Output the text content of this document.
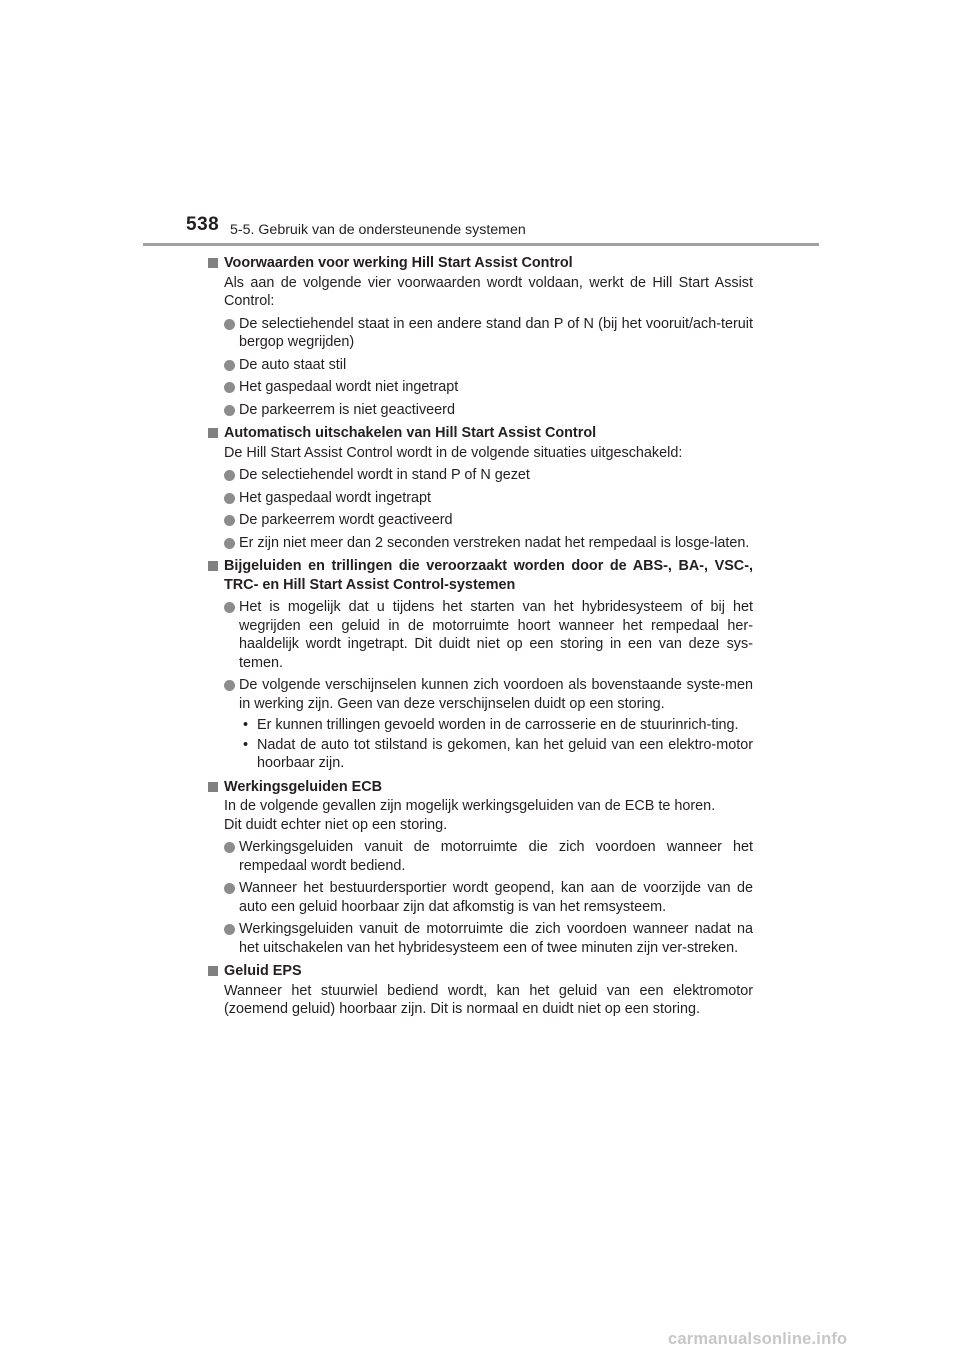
538 5-5. Gebruik van de ondersteunende systemen
Voorwaarden voor werking Hill Start Assist Control
Als aan de volgende vier voorwaarden wordt voldaan, werkt de Hill Start Assist Control:
De selectiehendel staat in een andere stand dan P of N (bij het vooruit/ach-teruit bergop wegrijden)
De auto staat stil
Het gaspedaal wordt niet ingetrapt
De parkeerrem is niet geactiveerd
Automatisch uitschakelen van Hill Start Assist Control
De Hill Start Assist Control wordt in de volgende situaties uitgeschakeld:
De selectiehendel wordt in stand P of N gezet
Het gaspedaal wordt ingetrapt
De parkeerrem wordt geactiveerd
Er zijn niet meer dan 2 seconden verstreken nadat het rempedaal is losge-laten.
Bijgeluiden en trillingen die veroorzaakt worden door de ABS-, BA-, VSC-, TRC- en Hill Start Assist Control-systemen
Het is mogelijk dat u tijdens het starten van het hybridesysteem of bij het wegrijden een geluid in de motorruimte hoort wanneer het rempedaal her-haaldelijk wordt ingetrapt. Dit duidt niet op een storing in een van deze sys-temen.
De volgende verschijnselen kunnen zich voordoen als bovenstaande syste-men in werking zijn. Geen van deze verschijnselen duidt op een storing.
• Er kunnen trillingen gevoeld worden in de carrosserie en de stuurinrich-ting.
• Nadat de auto tot stilstand is gekomen, kan het geluid van een elektro-motor hoorbaar zijn.
Werkingsgeluiden ECB
In de volgende gevallen zijn mogelijk werkingsgeluiden van de ECB te horen.
Dit duidt echter niet op een storing.
Werkingsgeluiden vanuit de motorruimte die zich voordoen wanneer het rempedaal wordt bediend.
Wanneer het bestuurdersportier wordt geopend, kan aan de voorzijde van de auto een geluid hoorbaar zijn dat afkomstig is van het remsysteem.
Werkingsgeluiden vanuit de motorruimte die zich voordoen wanneer nadat na het uitschakelen van het hybridesysteem een of twee minuten zijn ver-streken.
Geluid EPS
Wanneer het stuurwiel bediend wordt, kan het geluid van een elektromotor (zoemend geluid) hoorbaar zijn. Dit is normaal en duidt niet op een storing.
carmanualsonline.info
